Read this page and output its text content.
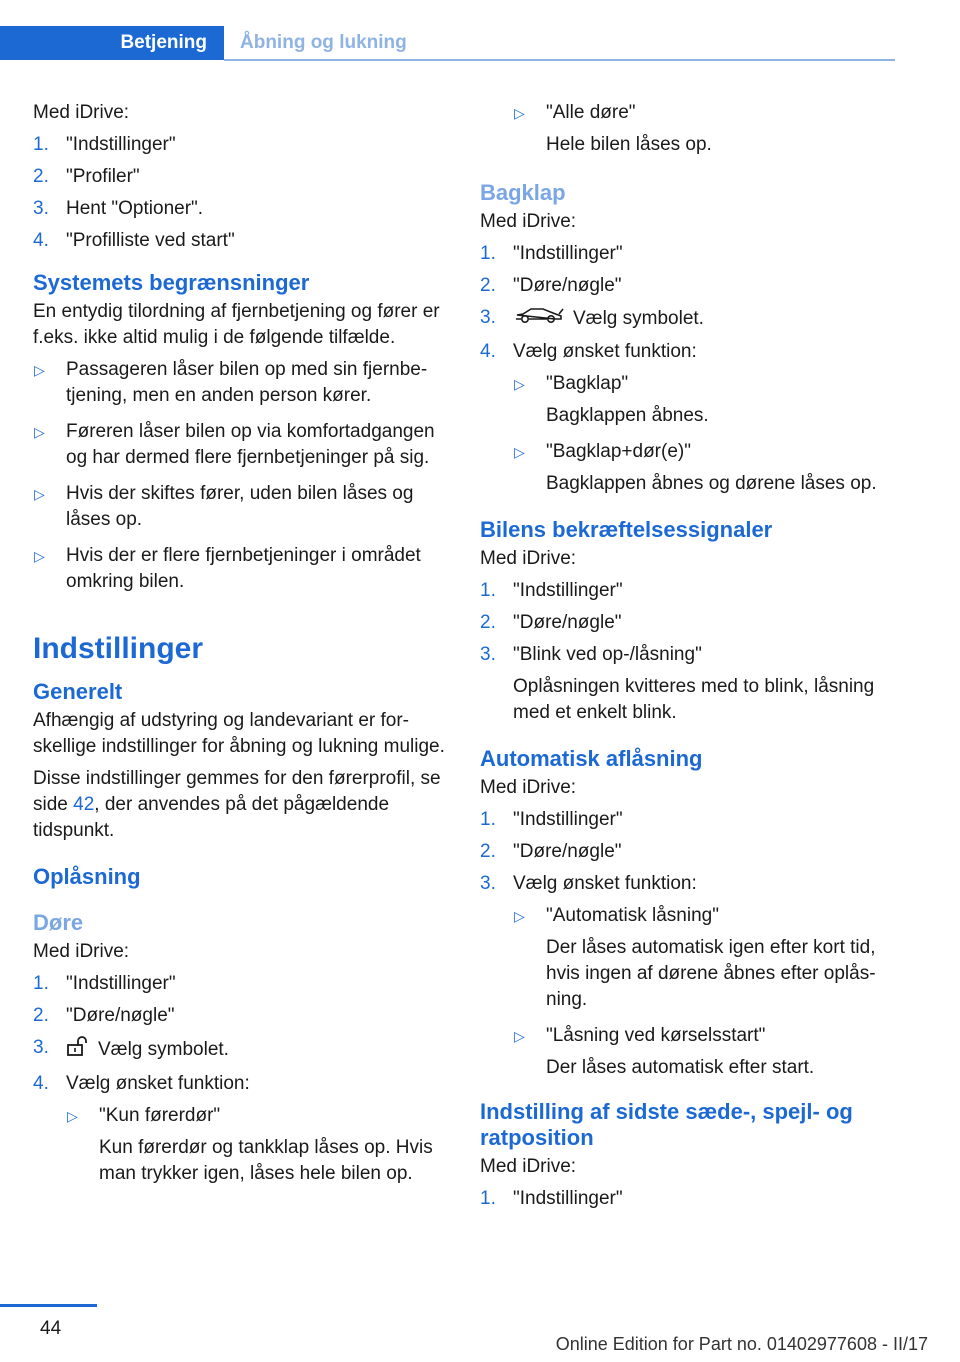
Betjening	Åbning og lukning

Med iDrive:

1. "Indstillinger"
2. "Profiler"
3. Hent "Optioner".
4. "Profilliste ved start"
Systemets begrænsninger

En entydig tilordning af fjernbetjening og fører er f.eks. ikke altid mulig i de følgende tilfælde.

▷ Passageren låser bilen op med sin fjernbetjening, men en anden person kører.
▷ Føreren låser bilen op via komfortadgangen og har dermed flere fjernbetjeninger på sig.
▷ Hvis der skiftes fører, uden bilen låses og låses op.
▷ Hvis der er flere fjernbetjeninger i området omkring bilen.
Indstillinger
Generelt

Afhængig af udstyring og landevariant er forskellige indstillinger for åbning og lukning mulige.

Disse indstillinger gemmes for den førerprofil, se side 42, der anvendes på det pågældende tidspunkt.

Oplåsning
Døre

Med iDrive:

1. "Indstillinger"
2. "Døre/nøgle"
3.	Vælg symbolet.
4. Vælg ønsket funktion:
▷ "Kun førerdør"
Kun førerdør og tankklap låses op. Hvis man trykker igen, låses hele bilen op.
▷ "Alle døre"
Hele bilen låses op.
Bagklap

Med iDrive:

1. "Indstillinger"
2. "Døre/nøgle"
3.	Vælg symbolet.
4. Vælg ønsket funktion:
▷ "Bagklap"
Bagklappen åbnes.
▷ "Bagklap+dør(e)"
Bagklappen åbnes og dørene låses op.
Bilens bekræftelsessignaler

Med iDrive:

1. "Indstillinger"
2. "Døre/nøgle"
3. "Blink ved op-/låsning"
Oplåsningen kvitteres med to blink, låsning med et enkelt blink.
Automatisk aflåsning

Med iDrive:

1. "Indstillinger"
2. "Døre/nøgle"
3. Vælg ønsket funktion:
▷ "Automatisk låsning"
Der låses automatisk igen efter kort tid, hvis ingen af dørene åbnes efter oplåsning.
▷ "Låsning ved kørselsstart"
Der låses automatisk efter start.
Indstilling af sidste sæde-, spejl- og ratposition

Med iDrive:

1. "Indstillinger"
44
Online Edition for Part no. 01402977608 - II/17
